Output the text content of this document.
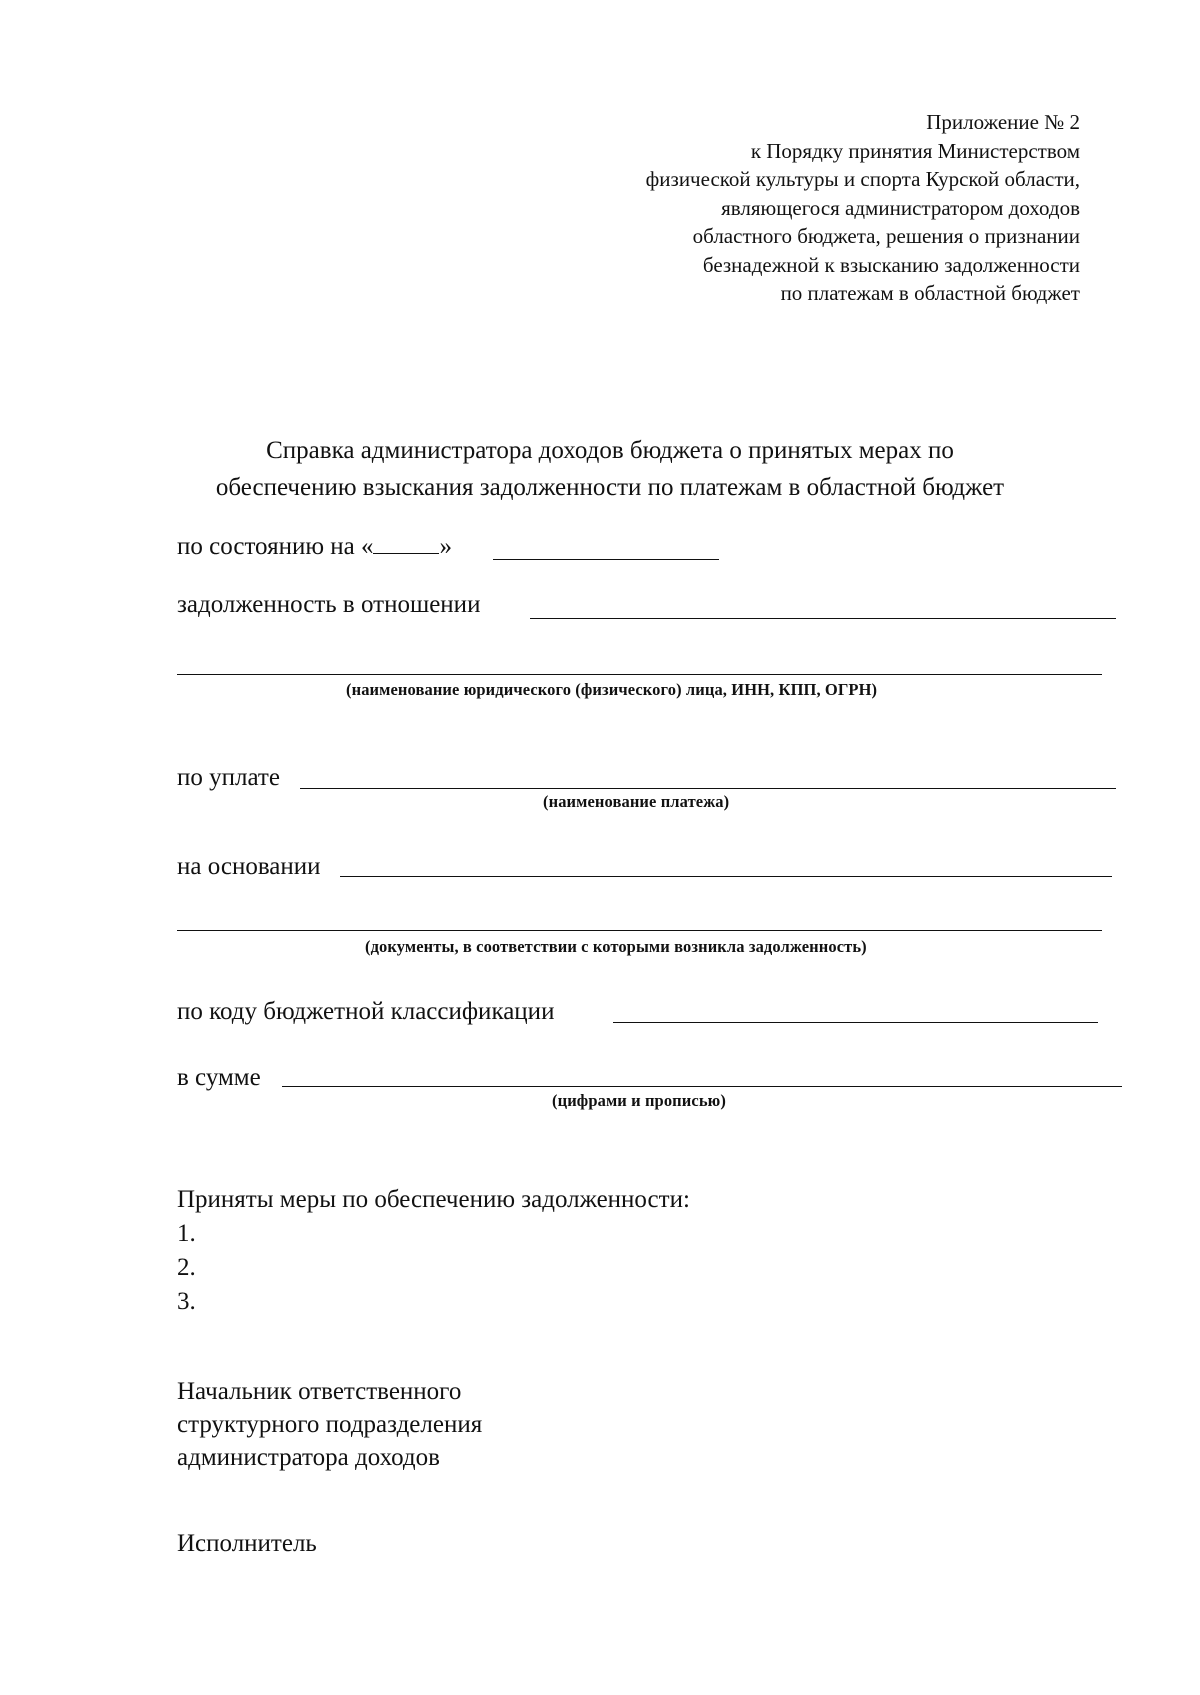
Приложение № 2
к Порядку принятия Министерством
физической культуры и спорта Курской области,
являющегося администратором доходов
областного бюджета, решения о признании
безнадежной к взысканию задолженности
по платежам в областной бюджет
Справка администратора доходов бюджета о принятых мерах по
обеспечению взыскания задолженности по платежам в областной бюджет
по состоянию на «	»
задолженность в отношении
(наименование юридического (физического) лица, ИНН, КПП, ОГРН)
по уплате
(наименование платежа)
на основании
(документы, в соответствии с которыми возникла задолженность)
по коду бюджетной классификации
в сумме
(цифрами и прописью)
Приняты меры по обеспечению задолженности:
1.
2.
3.
Начальник ответственного
структурного подразделения
администратора доходов
Исполнитель
